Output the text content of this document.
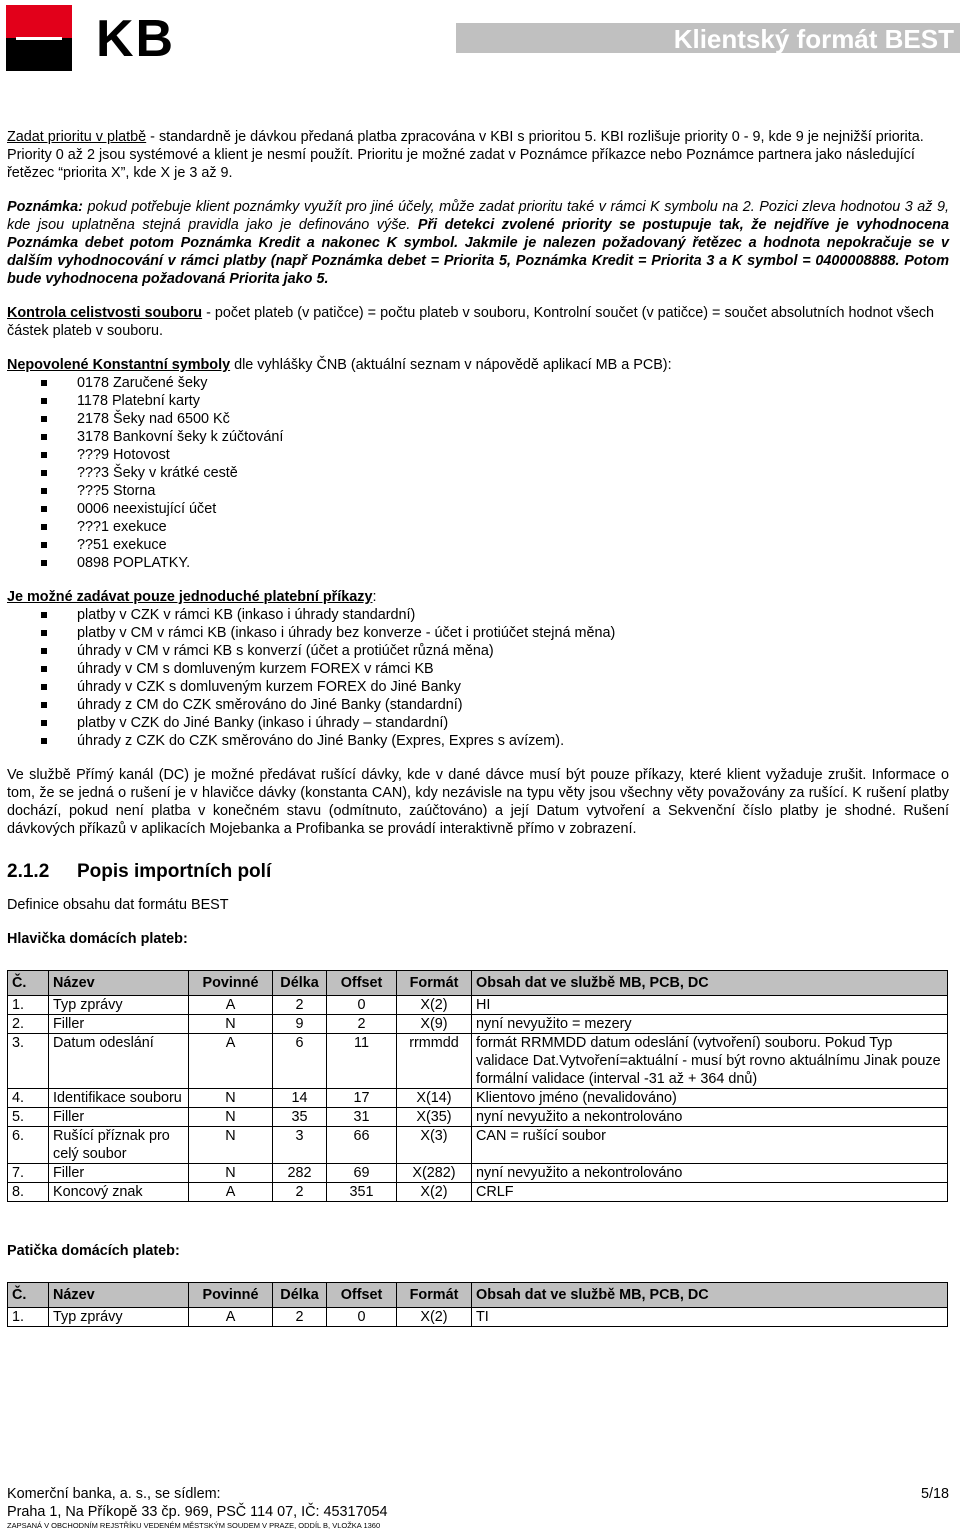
KB	Klientský formát BEST

Zadat prioritu v platbě - standardně je dávkou předaná platba zpracována v KBI s prioritou 5. KBI rozlišuje priority 0 - 9, kde 9 je nejnižší priorita. Priority 0 až 2 jsou systémové a klient je nesmí použít. Prioritu je možné zadat v Poznámce příkazce nebo Poznámce partnera jako následující řetězec “priorita X”, kde X je 3 až 9.

Poznámka: pokud potřebuje klient poznámky využít pro jiné účely, může zadat prioritu také v rámci K symbolu na 2. Pozici zleva hodnotou 3 až 9, kde jsou uplatněna stejná pravidla jako je definováno výše. Při detekci zvolené priority se postupuje tak, že nejdříve je vyhodnocena Poznámka debet potom Poznámka Kredit a nakonec K symbol. Jakmile je nalezen požadovaný řetězec a hodnota nepokračuje se v dalším vyhodnocování v rámci platby (např Poznámka debet = Priorita 5, Poznámka Kredit = Priorita 3 a K symbol = 0400008888. Potom bude vyhodnocena požadovaná Priorita jako 5.

Kontrola celistvosti souboru - počet plateb (v patičce) = počtu plateb v souboru, Kontrolní součet (v patičce) = součet absolutních hodnot všech částek plateb v souboru.

Nepovolené Konstantní symboly dle vyhlášky ČNB (aktuální seznam v nápovědě aplikací MB a PCB):

0178 Zaručené šeky
1178 Platební karty
2178 Šeky nad 6500 Kč
3178 Bankovní šeky k zúčtování
???9 Hotovost
???3 Šeky v krátké cestě
???5 Storna
0006 neexistující účet
???1 exekuce
??51 exekuce
0898 POPLATKY.

Je možné zadávat pouze jednoduché platební příkazy:

platby v CZK v rámci KB (inkaso i úhrady standardní)
platby v CM v rámci KB (inkaso i úhrady bez konverze - účet i protiúčet stejná měna)
úhrady v CM v rámci KB s konverzí (účet a protiúčet různá měna)
úhrady v CM s domluveným kurzem FOREX v rámci KB
úhrady v CZK s domluveným kurzem FOREX do Jiné Banky
úhrady z CM do CZK směrováno do Jiné Banky (standardní)
platby v CZK do Jiné Banky (inkaso i úhrady – standardní)
úhrady z CZK do CZK směrováno do Jiné Banky (Expres, Expres s avízem).

Ve službě Přímý kanál (DC) je možné předávat rušící dávky, kde v dané dávce musí být pouze příkazy, které klient vyžaduje zrušit. Informace o tom, že se jedná o rušení je v hlavičce dávky (konstanta CAN), kdy nezávisle na typu věty jsou všechny věty považovány za rušící. K rušení platby dochází, pokud není platba v konečném stavu (odmítnuto, zaúčtováno) a její Datum vytvoření a Sekvenční číslo platby je shodné. Rušení dávkových příkazů v aplikacích Mojebanka a Profibanka se provádí interaktivně přímo v zobrazení.

2.1.2 Popis importních polí

Definice obsahu dat formátu BEST

Hlavička domácích plateb:

Č.	Název	Povinné	Délka	Offset	Formát	Obsah dat ve službě MB, PCB, DC
1.	Typ zprávy	A	2	0	X(2)	HI
2.	Filler	N	9	2	X(9)	nyní nevyužito = mezery
3.	Datum odeslání	A	6	11	rrmmdd	formát RRMMDD datum odeslání (vytvoření) souboru. Pokud Typ validace Dat.Vytvoření=aktuální - musí být rovno aktuálnímu Jinak pouze formální validace (interval -31 až + 364 dnů)
4.	Identifikace souboru	N	14	17	X(14)	Klientovo jméno (nevalidováno)
5.	Filler	N	35	31	X(35)	nyní nevyužito a nekontrolováno
6.	Rušící příznak pro celý soubor	N	3	66	X(3)	CAN = rušící soubor
7.	Filler	N	282	69	X(282)	nyní nevyužito a nekontrolováno
8.	Koncový znak	A	2	351	X(2)	CRLF

Patička domácích plateb:

Č.	Název	Povinné	Délka	Offset	Formát	Obsah dat ve službě MB, PCB, DC
1.	Typ zprávy	A	2	0	X(2)	TI
Komerční banka, a. s., se sídlem:
Praha 1, Na Příkopě 33 čp. 969, PSČ 114 07, IČ: 45317054
ZAPSANÁ V OBCHODNÍM REJSTŘÍKU VEDENÉM MĚSTSKÝM SOUDEM V PRAZE, ODDÍL B, VLOŽKA 1360
5/18
